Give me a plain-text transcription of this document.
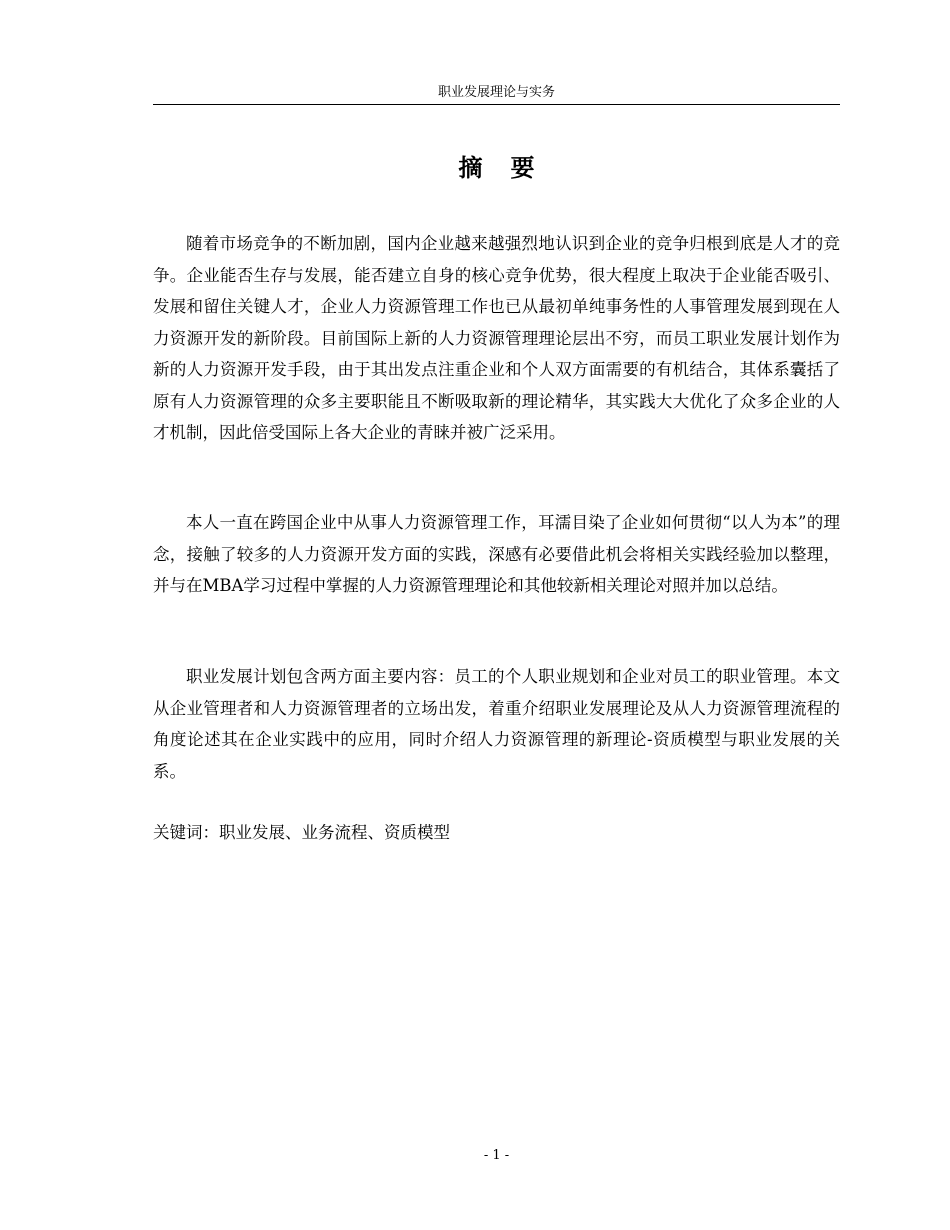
职业发展理论与实务
摘要

随着市场竞争的不断加剧，国内企业越来越强烈地认识到企业的竞争归根到底是人才的竞争。企业能否生存与发展，能否建立自身的核心竞争优势，很大程度上取决于企业能否吸引、发展和留住关键人才，企业人力资源管理工作也已从最初单纯事务性的人事管理发展到现在人力资源开发的新阶段。目前国际上新的人力资源管理理论层出不穷，而员工职业发展计划作为新的人力资源开发手段，由于其出发点注重企业和个人双方面需要的有机结合，其体系囊括了原有人力资源管理的众多主要职能且不断吸取新的理论精华，其实践大大优化了众多企业的人才机制，因此倍受国际上各大企业的青睐并被广泛采用。

本人一直在跨国企业中从事人力资源管理工作，耳濡目染了企业如何贯彻“以人为本”的理念，接触了较多的人力资源开发方面的实践，深感有必要借此机会将相关实践经验加以整理，并与在MBA学习过程中掌握的人力资源管理理论和其他较新相关理论对照并加以总结。

职业发展计划包含两方面主要内容：员工的个人职业规划和企业对员工的职业管理。本文从企业管理者和人力资源管理者的立场出发，着重介绍职业发展理论及从人力资源管理流程的角度论述其在企业实践中的应用，同时介绍人力资源管理的新理论-资质模型与职业发展的关系。

关键词：职业发展、业务流程、资质模型
- 1 -
